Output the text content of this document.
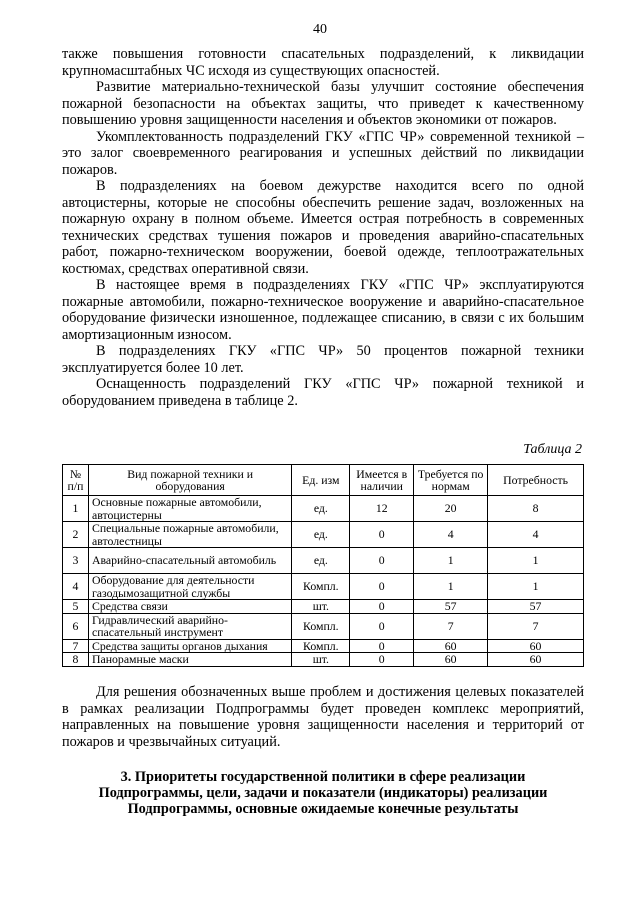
40

также повышения готовности спасательных подразделений, к ликвидации крупномасштабных ЧС исходя из существующих опасностей.

Развитие материально-технической базы улучшит состояние обеспечения пожарной безопасности на объектах защиты, что приведет к качественному повышению уровня защищенности населения и объектов экономики от пожаров.

Укомплектованность подразделений ГКУ «ГПС ЧР» современной техникой – это залог своевременного реагирования и успешных действий по ликвидации пожаров.

В подразделениях на боевом дежурстве находится всего по одной автоцистерны, которые не способны обеспечить решение задач, возложенных на пожарную охрану в полном объеме. Имеется острая потребность в современных технических средствах тушения пожаров и проведения аварийно-спасательных работ, пожарно-техническом вооружении, боевой одежде, теплоотражательных костюмах, средствах оперативной связи.

В настоящее время в подразделениях ГКУ «ГПС ЧР» эксплуатируются пожарные автомобили, пожарно-техническое вооружение и аварийно-спасательное оборудование физически изношенное, подлежащее списанию, в связи с их большим амортизационным износом.

В подразделениях ГКУ «ГПС ЧР» 50 процентов пожарной техники эксплуатируется более 10 лет.

Оснащенность подразделений ГКУ «ГПС ЧР» пожарной техникой и оборудованием приведена в таблице 2.

Таблица 2
№ п/п	Вид пожарной техники и оборудования	Ед. изм	Имеется в наличии	Требуется по нормам	Потребность
1	Основные пожарные автомобили, автоцистерны	ед.	12	20	8
2	Специальные пожарные автомобили, автолестницы	ед.	0	4	4
3	Аварийно-спасательный автомобиль	ед.	0	1	1
4	Оборудование для деятельности газодымозащитной службы	Компл.	0	1	1
5	Средства связи	шт.	0	57	57
6	Гидравлический аварийно-спасательный инструмент	Компл.	0	7	7
7	Средства защиты органов дыхания	Компл.	0	60	60
8	Панорамные маски	шт.	0	60	60

Для решения обозначенных выше проблем и достижения целевых показателей в рамках реализации Подпрограммы будет проведен комплекс мероприятий, направленных на повышение уровня защищенности населения и территорий от пожаров и чрезвычайных ситуаций.

3. Приоритеты государственной политики в сфере реализации
Подпрограммы, цели, задачи и показатели (индикаторы) реализации
Подпрограммы, основные ожидаемые конечные результаты
